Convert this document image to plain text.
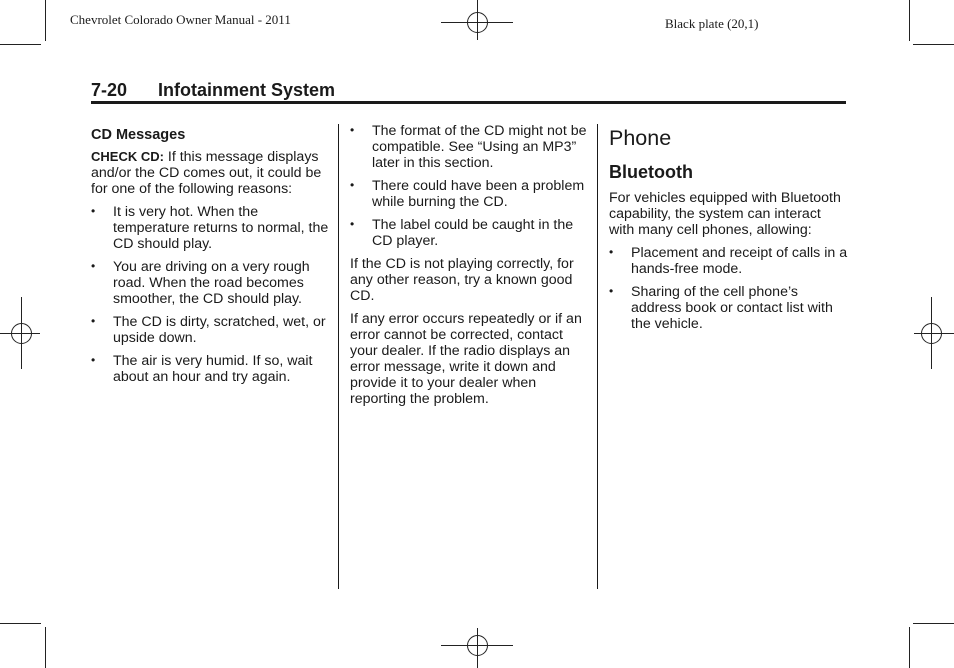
Chevrolet Colorado Owner Manual - 2011	Black plate (20,1)
7-20 Infotainment System
CD Messages

CHECK CD: If this message displays and/or the CD comes out, it could be for one of the following reasons:

• It is very hot. When the temperature returns to normal, the CD should play.
• You are driving on a very rough road. When the road becomes smoother, the CD should play.
• The CD is dirty, scratched, wet, or upside down.
• The air is very humid. If so, wait about an hour and try again.
• The format of the CD might not be compatible. See “Using an MP3” later in this section.
• There could have been a problem while burning the CD.
• The label could be caught in the CD player.

If the CD is not playing correctly, for any other reason, try a known good CD.

If any error occurs repeatedly or if an error cannot be corrected, contact your dealer. If the radio displays an error message, write it down and provide it to your dealer when reporting the problem.

Phone
Bluetooth

For vehicles equipped with Bluetooth capability, the system can interact with many cell phones, allowing:

• Placement and receipt of calls in a hands-free mode.
• Sharing of the cell phone’s address book or contact list with the vehicle.
